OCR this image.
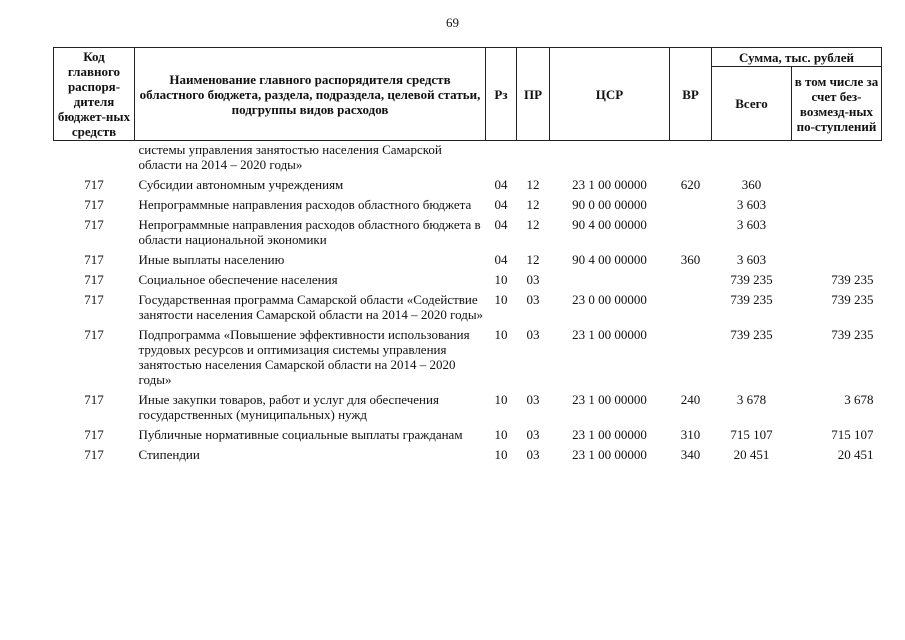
69
Код главного распоря-дителя бюджет-ных средств	Наименование главного распорядителя средств областного бюджета, раздела, подраздела, целевой статьи, подгруппы видов расходов	Рз	ПР	ЦСР	ВР	Сумма, тыс. рублей	
						Всего	в том числе за счет без-возмезд-ных по-ступлений
	системы управления занятостью населения Самарской области на 2014 – 2020 годы»						
717	Субсидии автономным учреждениям	04	12	23 1 00 00000	620	360	
717	Непрограммные направления расходов областного бюджета	04	12	90 0 00 00000		3 603	
717	Непрограммные направления расходов областного бюджета в области национальной экономики	04	12	90 4 00 00000		3 603	
717	Иные выплаты населению	04	12	90 4 00 00000	360	3 603	
717	Социальное обеспечение населения	10	03			739 235	739 235
717	Государственная программа Самарской области «Содействие занятости населения Самарской области на 2014 – 2020 годы»	10	03	23 0 00 00000		739 235	739 235
717	Подпрограмма «Повышение эффективности использования трудовых ресурсов и оптимизация системы управления занятостью населения Самарской области на 2014 – 2020 годы»	10	03	23 1 00 00000		739 235	739 235
717	Иные закупки товаров, работ и услуг для обеспечения государственных (муниципальных) нужд	10	03	23 1 00 00000	240	3 678	3 678
717	Публичные нормативные социальные выплаты гражданам	10	03	23 1 00 00000	310	715 107	715 107
717	Стипендии	10	03	23 1 00 00000	340	20 451	20 451
